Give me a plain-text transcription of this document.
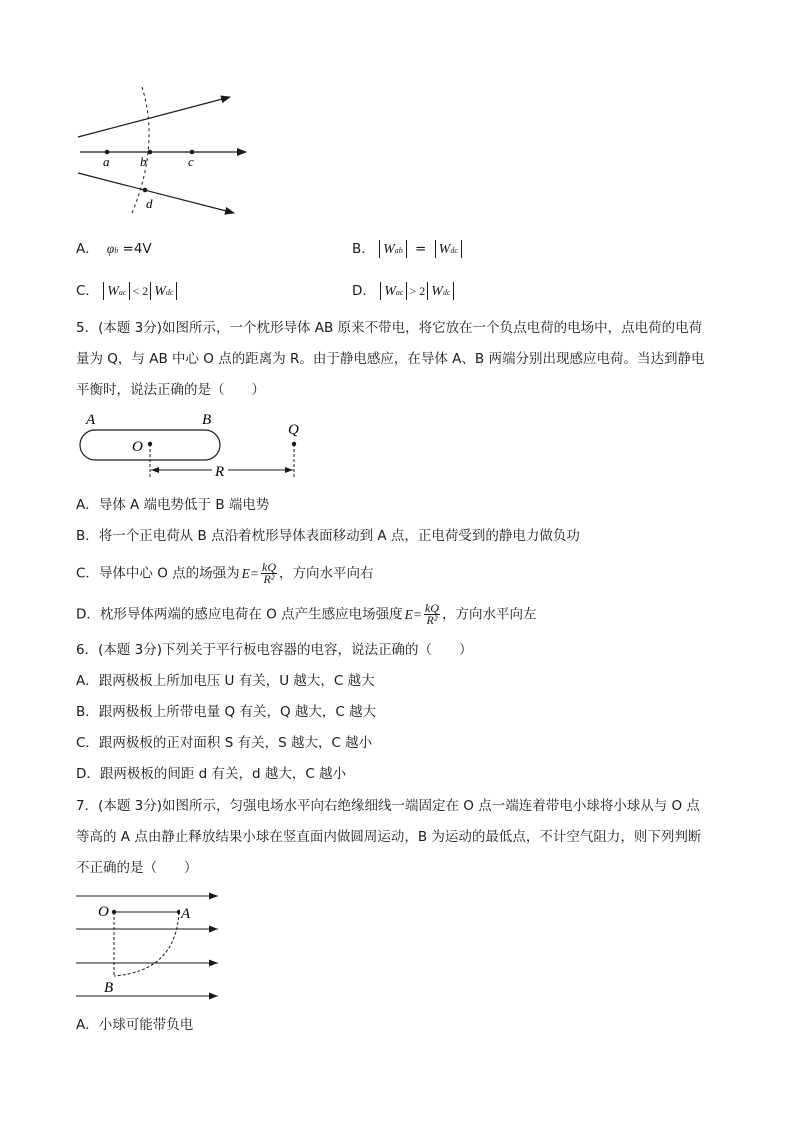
a b	c
d
A． φb =4V	B． Wab = Wdc
C． Wac < 2 Wdc	D． Wac > 2 Wdc
5．(本题 3分)如图所示，一个枕形导体 AB 原来不带电，将它放在一个负点电荷的电场中，点电荷的电荷
量为 Q，与 AB 中心 O 点的距离为 R。由于静电感应，在导体 A、B 两端分别出现感应电荷。当达到静电
平衡时，说法正确的是（　　）
A	B
O
Q
R
A．导体 A 端电势低于 B 端电势
B．将一个正电荷从 B 点沿着枕形导体表面移动到 A 点，正电荷受到的静电力做负功
C．导体中心 O 点的场强为 $E= \frac{kQ}{\text{R²}}$ ，方向水平向右
D．枕形导体两端的感应电荷在 O 点产生感应电场强度 $E= \frac{kQ}{\text{R²}}$ ，方向水平向左
6．(本题 3分)下列关于平行板电容器的电容，说法正确的（　　）
A．跟两极板上所加电压 U 有关，U 越大，C 越大
B．跟两极板上所带电量 Q 有关，Q 越大，C 越大
C．跟两极板的正对面积 S 有关，S 越大，C 越小
D．跟两极板的间距 d 有关，d 越大，C 越小
7．(本题 3分)如图所示，匀强电场水平向右绝缘细线一端固定在 O 点一端连着带电小球将小球从与 O 点
等高的 A 点由静止释放结果小球在竖直面内做圆周运动，B 为运动的最低点，不计空气阻力，则下列判断
不正确的是（　　）
O	A
B
A．小球可能带负电
